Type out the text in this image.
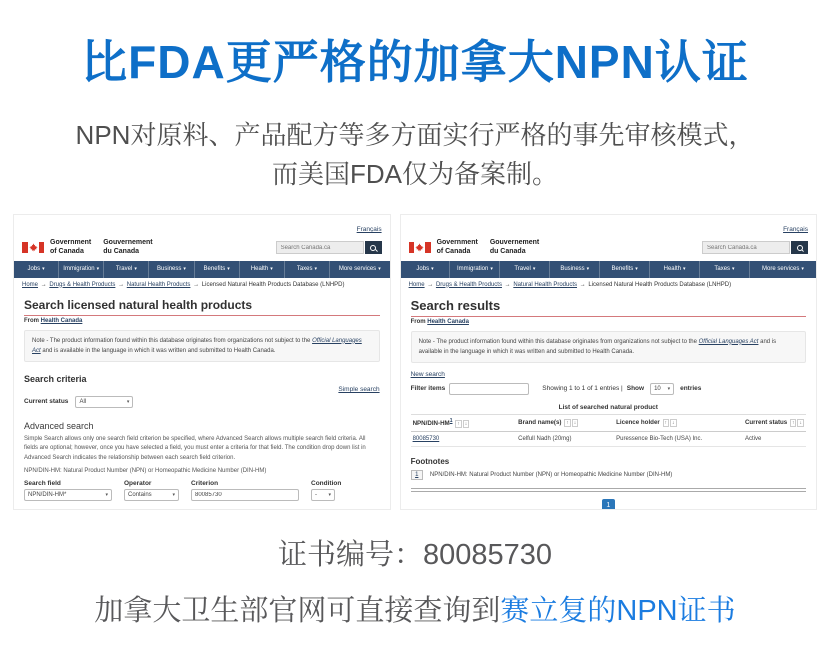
比FDA更严格的加拿大NPN认证

NPN对原料、产品配方等多方面实行严格的事先审核模式，
而美国FDA仅为备案制。

Français
Government
of Canada
Gouvernement
du Canada
Search Canada.ca
Jobs ▾	Immigration ▾	Travel ▾	Business ▾	Benefits ▾	Health ▾	Taxes ▾	More services ▾
Home → Drugs & Health Products → Natural Health Products → Licensed Natural Health Products Database (LNHPD)
Search licensed natural health products
From Health Canada
Note - The product information found within this database originates from organizations not subject to the Official Languages Act and is available in the language in which it was written and submitted to Health Canada.
Search criteria
Simple search
Current status All	▾
Advanced search

Simple Search allows only one search field criterion be specified, where Advanced Search allows multiple search field criteria. All fields are optional; however, once you have selected a field, you must enter a criteria for that field. The condition drop down list in Advanced Search indicates the relationship between each search field criterion.

NPN/DIN-HM: Natural Product Number (NPN) or Homeopathic Medicine Number (DIN-HM)
Search field
NPN/DIN-HM*	▾
Operator
Contains	▾
Criterion
80085730	Condition
- ▾
Français
Government
of Canada
Gouvernement
du Canada
Search Canada.ca
Jobs ▾	Immigration ▾	Travel ▾	Business ▾	Benefits ▾	Health ▾	Taxes ▾	More services ▾
Home → Drugs & Health Products → Natural Health Products → Licensed Natural Health Products Database (LNHPD)
Search results
From Health Canada
Note - The product information found within this database originates from organizations not subject to the Official Languages Act and is available in the language in which it was written and submitted to Health Canada.
New search
Filter items	Showing 1 to 1 of 1 entries | Show 10 ▾ entries
List of searched natural product
NPN/DIN-HM$^1$ ↑ ↓	Brand name(s) ↑ ↓	Licence holder ↑ ↓	Current status ↑ ↓
80085730	Celfull Nadh (20mg)	Puressence Bio-Tech (USA) Inc.	Active
Footnotes
1	NPN/DIN-HM: Natural Product Number (NPN) or Homeopathic Medicine Number (DIN-HM)
1

证书编号：80085730

加拿大卫生部官网可直接查询到赛立复的NPN证书
